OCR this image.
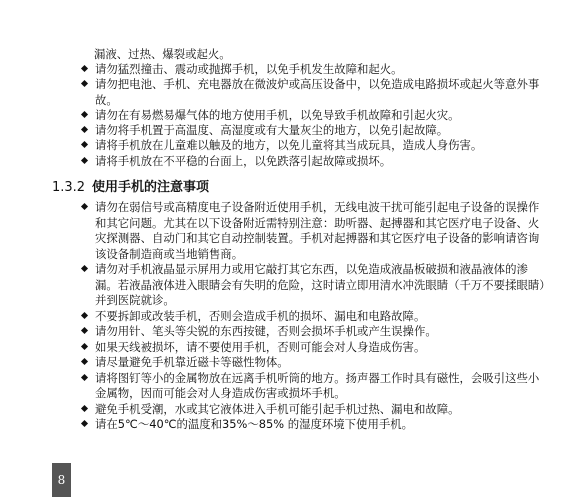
漏液、过热、爆裂或起火。

请勿猛烈撞击、震动或抛掷手机，以免手机发生故障和起火。
请勿把电池、手机、充电器放在微波炉或高压设备中，以免造成电路损坏或起火等意外事故。
请勿在有易燃易爆气体的地方使用手机，以免导致手机故障和引起火灾。
请勿将手机置于高温度、高湿度或有大量灰尘的地方，以免引起故障。
请将手机放在儿童难以触及的地方，以免儿童将其当成玩具，造成人身伤害。
请将手机放在不平稳的台面上，以免跌落引起故障或损坏。
1.3.2 使用手机的注意事项
请勿在弱信号或高精度电子设备附近使用手机，无线电波干扰可能引起电子设备的误操作和其它问题。尤其在以下设备附近需特别注意：助听器、起搏器和其它医疗电子设备、火灾探测器、自动门和其它自动控制装置。手机对起搏器和其它医疗电子设备的影响请咨询该设备制造商或当地销售商。
请勿对手机液晶显示屏用力或用它敲打其它东西，以免造成液晶板破损和液晶液体的渗漏。若液晶液体进入眼睛会有失明的危险，这时请立即用清水冲洗眼睛（千万不要揉眼睛）并到医院就诊。
不要拆卸或改装手机，否则会造成手机的损坏、漏电和电路故障。
请勿用针、笔头等尖锐的东西按键，否则会损坏手机或产生误操作。
如果天线被损坏，请不要使用手机，否则可能会对人身造成伤害。
请尽量避免手机靠近磁卡等磁性物体。
请将图钉等小的金属物放在远离手机听筒的地方。扬声器工作时具有磁性，会吸引这些小金属物，因而可能会对人身造成伤害或损坏手机。
避免手机受潮，水或其它液体进入手机可能引起手机过热、漏电和故障。
请在5℃～40℃的温度和35%～85% 的湿度环境下使用手机。
8
